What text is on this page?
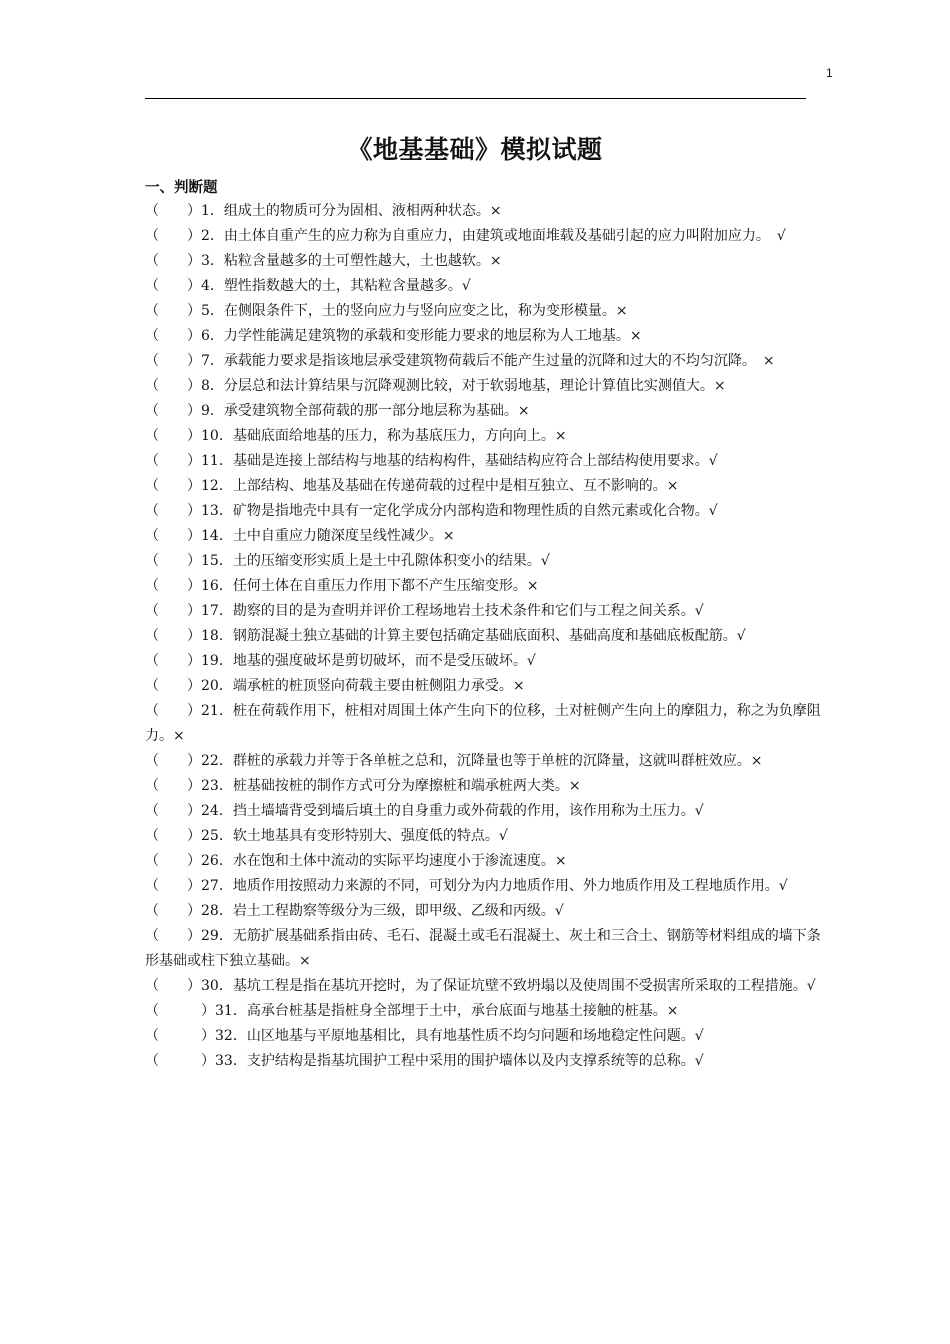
1
《地基基础》模拟试题
一、判断题
（　　）1．组成土的物质可分为固相、液相两种状态。×
（　　）2．由土体自重产生的应力称为自重应力，由建筑或地面堆载及基础引起的应力叫附加应力。　√
（　　）3．粘粒含量越多的土可塑性越大，土也越软。×
（　　）4．塑性指数越大的土，其粘粒含量越多。√
（　　）5．在侧限条件下，土的竖向应力与竖向应变之比，称为变形模量。×
（　　）6．力学性能满足建筑物的承载和变形能力要求的地层称为人工地基。×
（　　）7．承载能力要求是指该地层承受建筑物荷载后不能产生过量的沉降和过大的不均匀沉降。　×
（　　）8．分层总和法计算结果与沉降观测比较，对于软弱地基，理论计算值比实测值大。×
（　　）9．承受建筑物全部荷载的那一部分地层称为基础。×
（　　）10．基础底面给地基的压力，称为基底压力，方向向上。×
（　　）11．基础是连接上部结构与地基的结构构件，基础结构应符合上部结构使用要求。√
（　　）12．上部结构、地基及基础在传递荷载的过程中是相互独立、互不影响的。×
（　　）13．矿物是指地壳中具有一定化学成分内部构造和物理性质的自然元素或化合物。√
（　　）14．土中自重应力随深度呈线性减少。×
（　　）15．土的压缩变形实质上是土中孔隙体积变小的结果。√
（　　）16．任何土体在自重压力作用下都不产生压缩变形。×
（　　）17．勘察的目的是为查明并评价工程场地岩土技术条件和它们与工程之间关系。√
（　　）18．钢筋混凝土独立基础的计算主要包括确定基础底面积、基础高度和基础底板配筋。√
（　　）19．地基的强度破坏是剪切破坏，而不是受压破坏。√
（　　）20．端承桩的桩顶竖向荷载主要由桩侧阻力承受。×
（　　）21．桩在荷载作用下，桩相对周围土体产生向下的位移，土对桩侧产生向上的摩阻力，称之为负摩阻力。×
（　　）22．群桩的承载力并等于各单桩之总和，沉降量也等于单桩的沉降量，这就叫群桩效应。×
（　　）23．桩基础按桩的制作方式可分为摩擦桩和端承桩两大类。×
（　　）24．挡土墙墙背受到墙后填土的自身重力或外荷载的作用，该作用称为土压力。√
（　　）25．软土地基具有变形特别大、强度低的特点。√
（　　）26．水在饱和土体中流动的实际平均速度小于渗流速度。×
（　　）27．地质作用按照动力来源的不同，可划分为内力地质作用、外力地质作用及工程地质作用。√
（　　）28．岩土工程勘察等级分为三级，即甲级、乙级和丙级。√
（　　）29．无筋扩展基础系指由砖、毛石、混凝土或毛石混凝土、灰土和三合土、钢筋等材料组成的墙下条形基础或柱下独立基础。×
（　　）30．基坑工程是指在基坑开挖时，为了保证坑壁不致坍塌以及使周围不受损害所采取的工程措施。√
（　　　）31．高承台桩基是指桩身全部埋于土中，承台底面与地基土接触的桩基。×
（　　　）32．山区地基与平原地基相比，具有地基性质不均匀问题和场地稳定性问题。√
（　　　）33．支护结构是指基坑围护工程中采用的围护墙体以及内支撑系统等的总称。√
